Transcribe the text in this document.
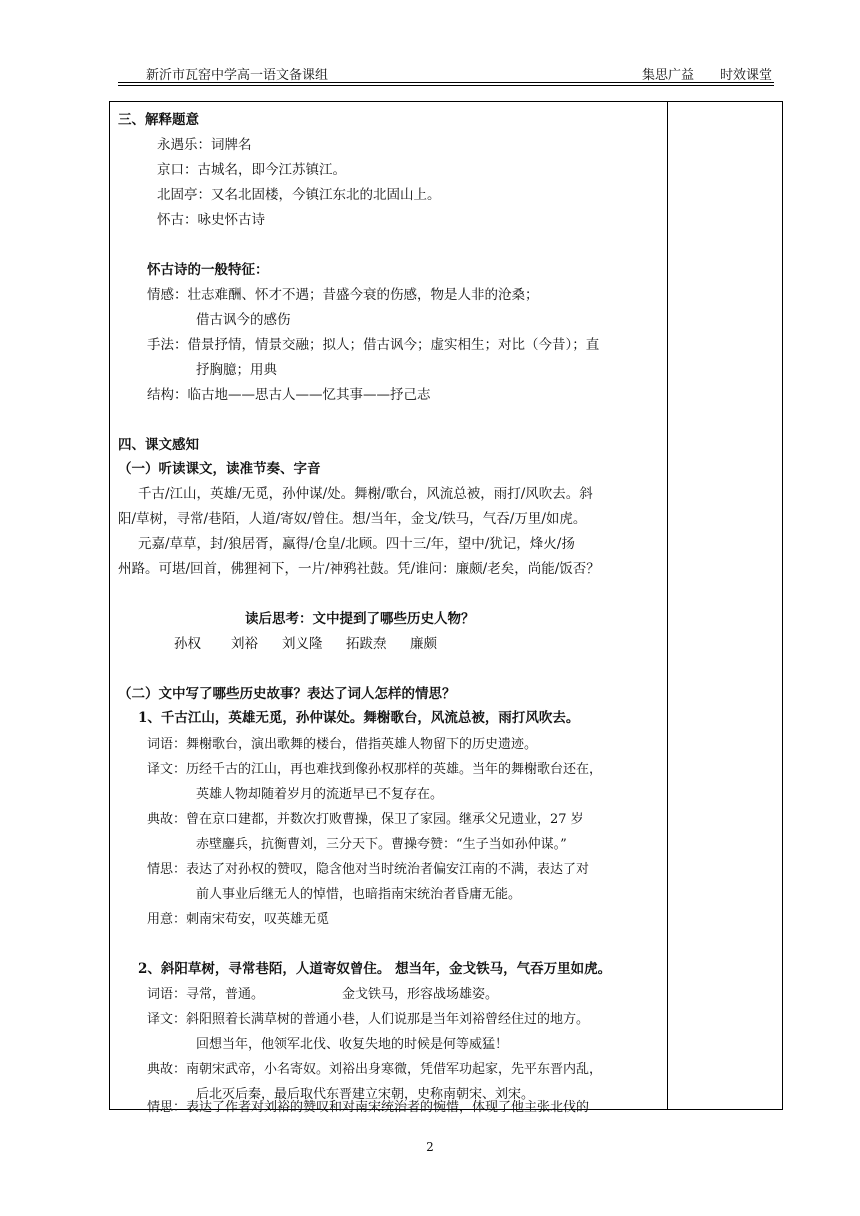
新沂市瓦窑中学高一语文备课组	集思广益 时效课堂
三、解释题意
永遇乐：词牌名
京口：古城名，即今江苏镇江。
北固亭：又名北固楼，今镇江东北的北固山上。
怀古：咏史怀古诗
怀古诗的一般特征：
情感：壮志难酬、怀才不遇；昔盛今衰的伤感，物是人非的沧桑；
借古讽今的感伤
手法：借景抒情，情景交融；拟人；借古讽今；虚实相生；对比（今昔）；直
抒胸臆；用典
结构：临古地——思古人——忆其事——抒己志
四、课文感知
（一）听读课文，读准节奏、字音
千古/江山，英雄/无觅，孙仲谋/处。舞榭/歌台，风流总被，雨打/风吹去。斜
阳/草树，寻常/巷陌，人道/寄奴/曾住。想/当年，金戈/铁马，气吞/万里/如虎。
元嘉/草草，封/狼居胥，赢得/仓皇/北顾。四十三/年，望中/犹记，烽火/扬
州路。可堪/回首，佛狸祠下，一片/神鸦社鼓。凭/谁问：廉颇/老矣，尚能/饭否？
读后思考：文中提到了哪些历史人物？
孙权 刘裕 刘义隆 拓跋焘 廉颇
（二）文中写了哪些历史故事？表达了词人怎样的情思？
1、千古江山，英雄无觅，孙仲谋处。舞榭歌台，风流总被，雨打风吹去。
词语：舞榭歌台，演出歌舞的楼台，借指英雄人物留下的历史遗迹。
译文：历经千古的江山，再也难找到像孙权那样的英雄。当年的舞榭歌台还在，
英雄人物却随着岁月的流逝早已不复存在。
典故：曾在京口建都，并数次打败曹操，保卫了家园。继承父兄遗业，27 岁
赤壁鏖兵，抗衡曹刘，三分天下。曹操夸赞：“生子当如孙仲谋。”
情思：表达了对孙权的赞叹，隐含他对当时统治者偏安江南的不满，表达了对
前人事业后继无人的悼惜，也暗指南宋统治者昏庸无能。
用意：刺南宋苟安，叹英雄无觅
2、斜阳草树，寻常巷陌，人道寄奴曾住。 想当年，金戈铁马，气吞万里如虎。
词语：寻常，普通。	金戈铁马，形容战场雄姿。
译文：斜阳照着长满草树的普通小巷，人们说那是当年刘裕曾经住过的地方。
回想当年，他领军北伐、收复失地的时候是何等威猛！
典故：南朝宋武帝，小名寄奴。刘裕出身寒微，凭借军功起家，先平东晋内乱，
后北灭后秦，最后取代东晋建立宋朝，史称南朝宋、刘宋。
情思：表达了作者对刘裕的赞叹和对南宋统治者的惋惜，体现了他主张北伐的
2
